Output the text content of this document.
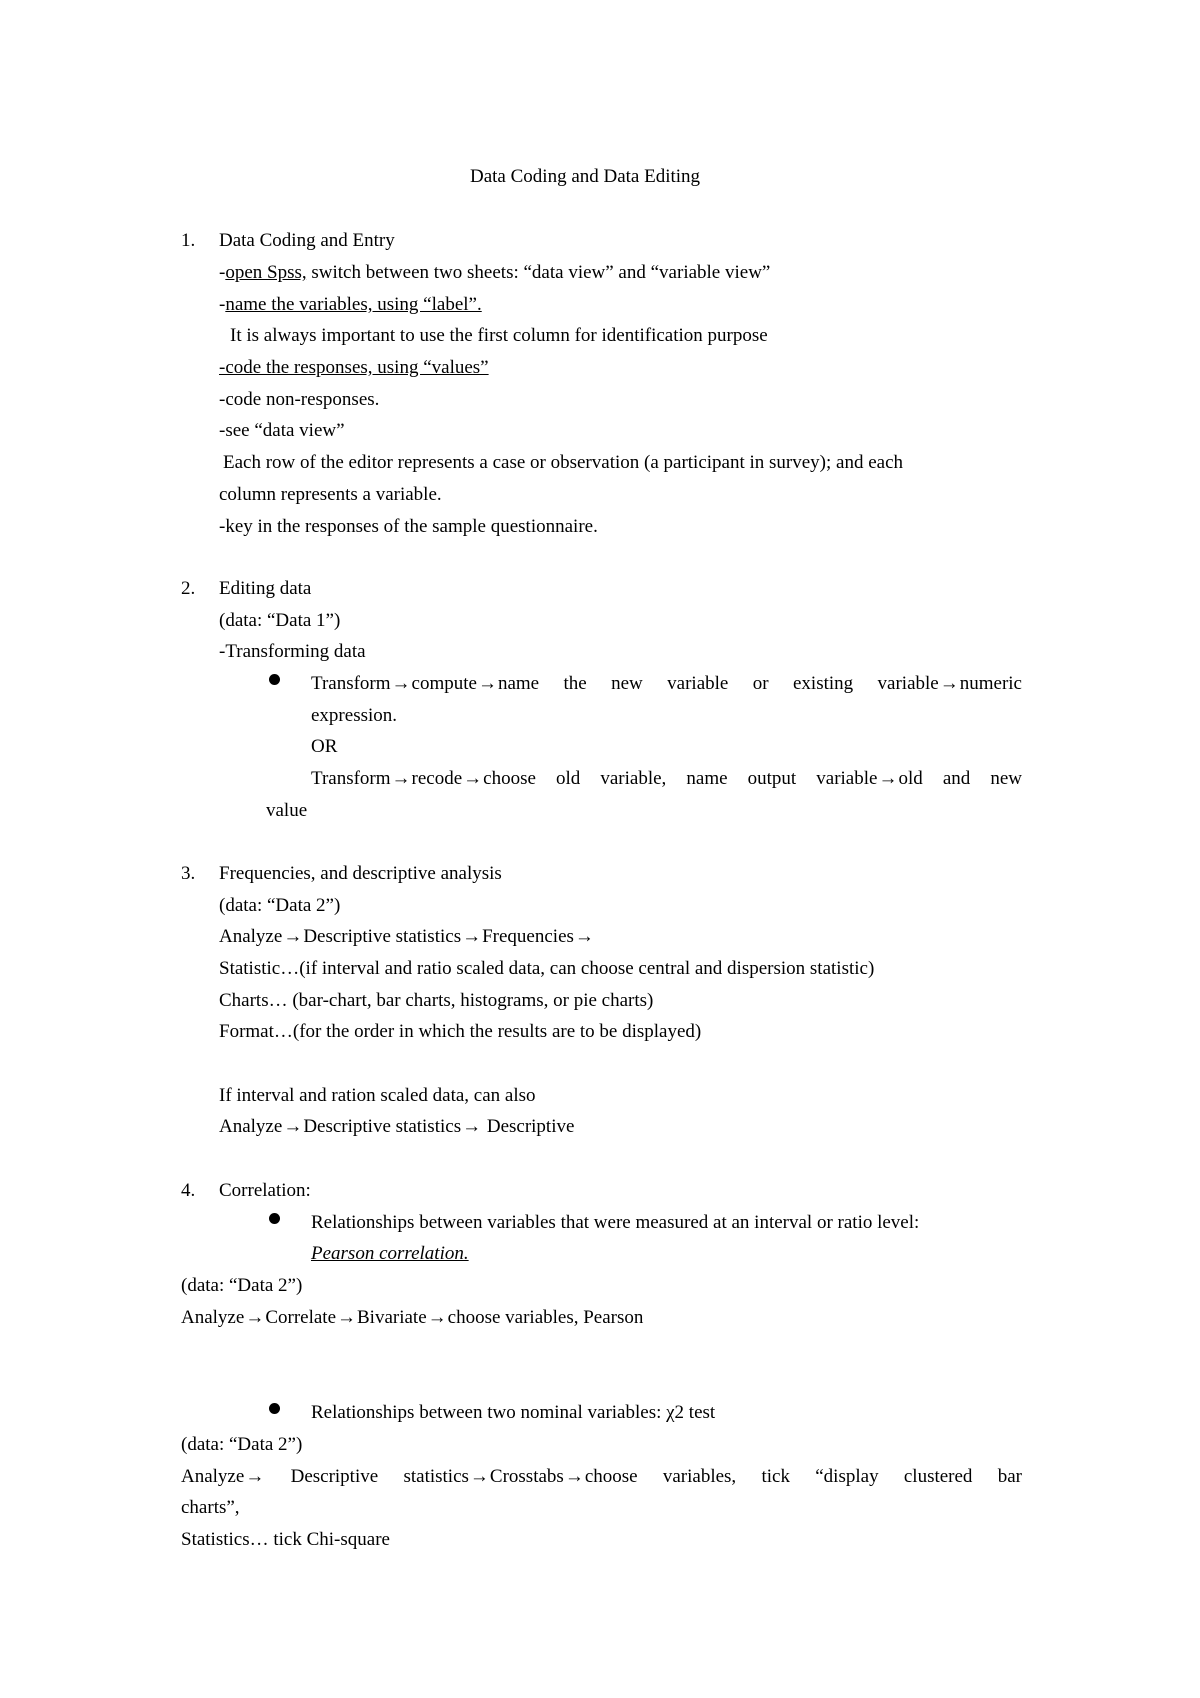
Data Coding and Data Editing
1. Data Coding and Entry
-open Spss, switch between two sheets: “data view” and “variable view”
-name the variables, using “label”.
It is always important to use the first column for identification purpose
-code the responses, using “values”
-code non-responses.
-see “data view”
Each row of the editor represents a case or observation (a participant in survey); and each
column represents a variable.
-key in the responses of the sample questionnaire.
2. Editing data
(data: “Data 1”)
-Transforming data
Transform→compute→name the new variable or existing variable→numeric
expression.
OR
Transform→recode→choose old variable, name output variable→old and new
value
3. Frequencies, and descriptive analysis
(data: “Data 2”)
Analyze→Descriptive statistics→Frequencies→
Statistic…(if interval and ratio scaled data, can choose central and dispersion statistic)
Charts… (bar-chart, bar charts, histograms, or pie charts)
Format…(for the order in which the results are to be displayed)
If interval and ration scaled data, can also
Analyze→Descriptive statistics→ Descriptive
4. Correlation:
Relationships between variables that were measured at an interval or ratio level:
Pearson correlation.
(data: “Data 2”)
Analyze→Correlate→Bivariate→choose variables, Pearson
Relationships between two nominal variables: χ2 test
(data: “Data 2”)
Analyze→ Descriptive statistics→Crosstabs→choose variables, tick “display clustered bar
charts”,
Statistics… tick Chi-square
